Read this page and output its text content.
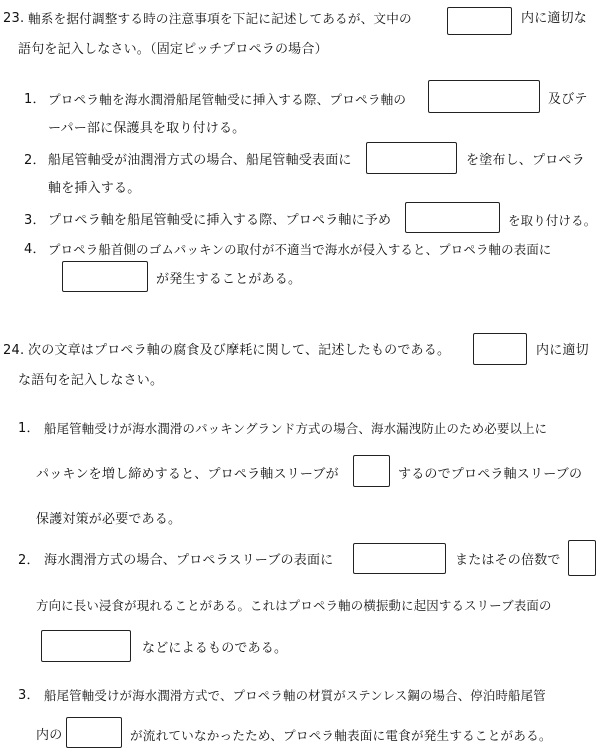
23. 軸系を据付調整する時の注意事項を下記に記述してあるが、文中の	内に適切な
語句を記入しなさい。（固定ピッチプロペラの場合）
1． プロペラ軸を海水潤滑船尾管軸受に挿入する際、プロペラ軸の	及びテ
ーパー部に保護具を取り付ける。
2． 船尾管軸受が油潤滑方式の場合、船尾管軸受表面に	を塗布し、プロペラ
軸を挿入する。
3． プロペラ軸を船尾管軸受に挿入する際、プロペラ軸に予め	を取り付ける。
4． プロペラ船首側のゴムパッキンの取付が不適当で海水が侵入すると、プロペラ軸の表面に
が発生することがある。
24. 次の文章はプロペラ軸の腐食及び摩耗に関して、記述したものである。	内に適切
な語句を記入しなさい。
1． 船尾管軸受けが海水潤滑のパッキングランド方式の場合、海水漏洩防止のため必要以上に
パッキンを増し締めすると、プロペラ軸スリーブが	するのでプロペラ軸スリーブの
保護対策が必要である。
2． 海水潤滑方式の場合、プロペラスリーブの表面に	またはその倍数で
方向に長い浸食が現れることがある。これはプロペラ軸の横振動に起因するスリーブ表面の
などによるものである。
3． 船尾管軸受けが海水潤滑方式で、プロペラ軸の材質がステンレス鋼の場合、停泊時船尾管
内の	が流れていなかったため、プロペラ軸表面に電食が発生することがある。
